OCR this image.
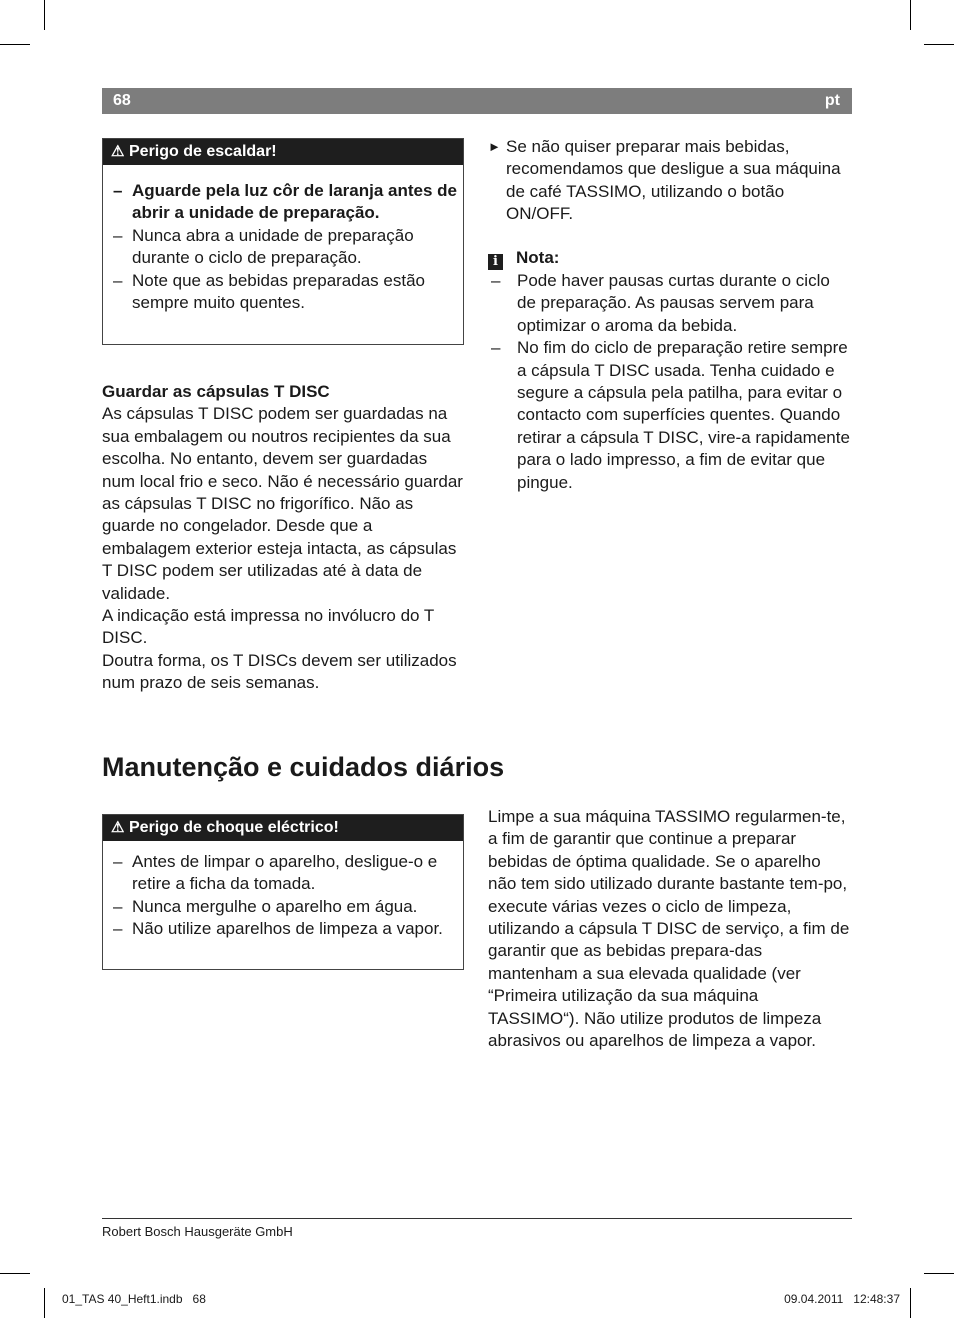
68	pt
⚠ Perigo de escaldar!
– Aguarde pela luz côr de laranja antes de abrir a unidade de preparação.
– Nunca abra a unidade de preparação durante o ciclo de preparação.
– Note que as bebidas preparadas estão sempre muito quentes.
Guardar as cápsulas T DISC
As cápsulas T DISC podem ser guardadas na sua embalagem ou noutros recipientes da sua escolha. No entanto, devem ser guardadas num local frio e seco. Não é necessário guardar as cápsulas T DISC no frigorífico. Não as guarde no congelador. Desde que a embalagem exterior esteja intacta, as cápsulas T DISC podem ser utilizadas até à data de validade.
A indicação está impressa no invólucro do T DISC.
Doutra forma, os T DISCs devem ser utilizados num prazo de seis semanas.
► Se não quiser preparar mais bebidas, recomendamos que desligue a sua máquina de café TASSIMO, utilizando o botão ON/OFF.
i Nota:
– Pode haver pausas curtas durante o ciclo de preparação. As pausas servem para optimizar o aroma da bebida.
– No fim do ciclo de preparação retire sempre a cápsula T DISC usada. Tenha cuidado e segure a cápsula pela patilha, para evitar o contacto com superfícies quentes. Quando retirar a cápsula T DISC, vire-a rapidamente para o lado impresso, a fim de evitar que pingue.
Manutenção e cuidados diários
⚠ Perigo de choque eléctrico!
– Antes de limpar o aparelho, desligue-o e retire a ficha da tomada.
– Nunca mergulhe o aparelho em água.
– Não utilize aparelhos de limpeza a vapor.
Limpe a sua máquina TASSIMO regularmen-te, a fim de garantir que continue a preparar bebidas de óptima qualidade. Se o aparelho não tem sido utilizado durante bastante tem-po, execute várias vezes o ciclo de limpeza, utilizando a cápsula T DISC de serviço, a fim de garantir que as bebidas prepara-das mantenham a sua elevada qualidade (ver “Primeira utilização da sua máquina TASSIMO“). Não utilize produtos de limpeza abrasivos ou aparelhos de limpeza a vapor.
Robert Bosch Hausgeräte GmbH
01_TAS 40_Heft1.indb   68	09.04.2011   12:48:37
